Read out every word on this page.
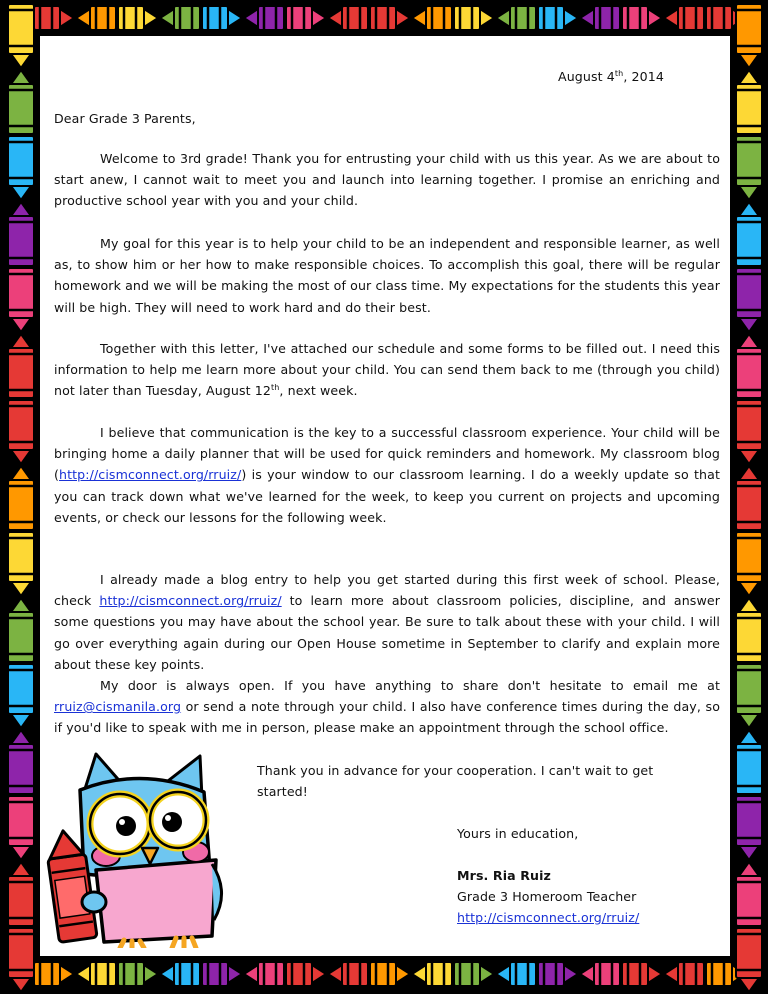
August 4th, 2014
Dear Grade 3 Parents,
Welcome to 3rd grade! Thank you for entrusting your child with us this year. As we are about to start anew, I cannot wait to meet you and launch into learning together. I promise an enriching and productive school year with you and your child.
My goal for this year is to help your child to be an independent and responsible learner, as well as, to show him or her how to make responsible choices. To accomplish this goal, there will be regular homework and we will be making the most of our class time. My expectations for the students this year will be high. They will need to work hard and do their best.
Together with this letter, I've attached our schedule and some forms to be filled out. I need this information to help me learn more about your child. You can send them back to me (through you child) not later than Tuesday, August 12th, next week.
I believe that communication is the key to a successful classroom experience. Your child will be bringing home a daily planner that will be used for quick reminders and homework. My classroom blog (http://cismconnect.org/rruiz/) is your window to our classroom learning. I do a weekly update so that you can track down what we've learned for the week, to keep you current on projects and upcoming events, or check our lessons for the following week.
I already made a blog entry to help you get started during this first week of school. Please, check http://cismconnect.org/rruiz/ to learn more about classroom policies, discipline, and answer some questions you may have about the school year. Be sure to talk about these with your child. I will go over everything again during our Open House sometime in September to clarify and explain more about these key points.
My door is always open. If you have anything to share don't hesitate to email me at rruiz@cismanila.org or send a note through your child. I also have conference times during the day, so if you'd like to speak with me in person, please make an appointment through the school office.
Thank you in advance for your cooperation. I can't wait to get started!
Yours in education,
Mrs. Ria Ruiz
Grade 3 Homeroom Teacher
http://cismconnect.org/rruiz/
